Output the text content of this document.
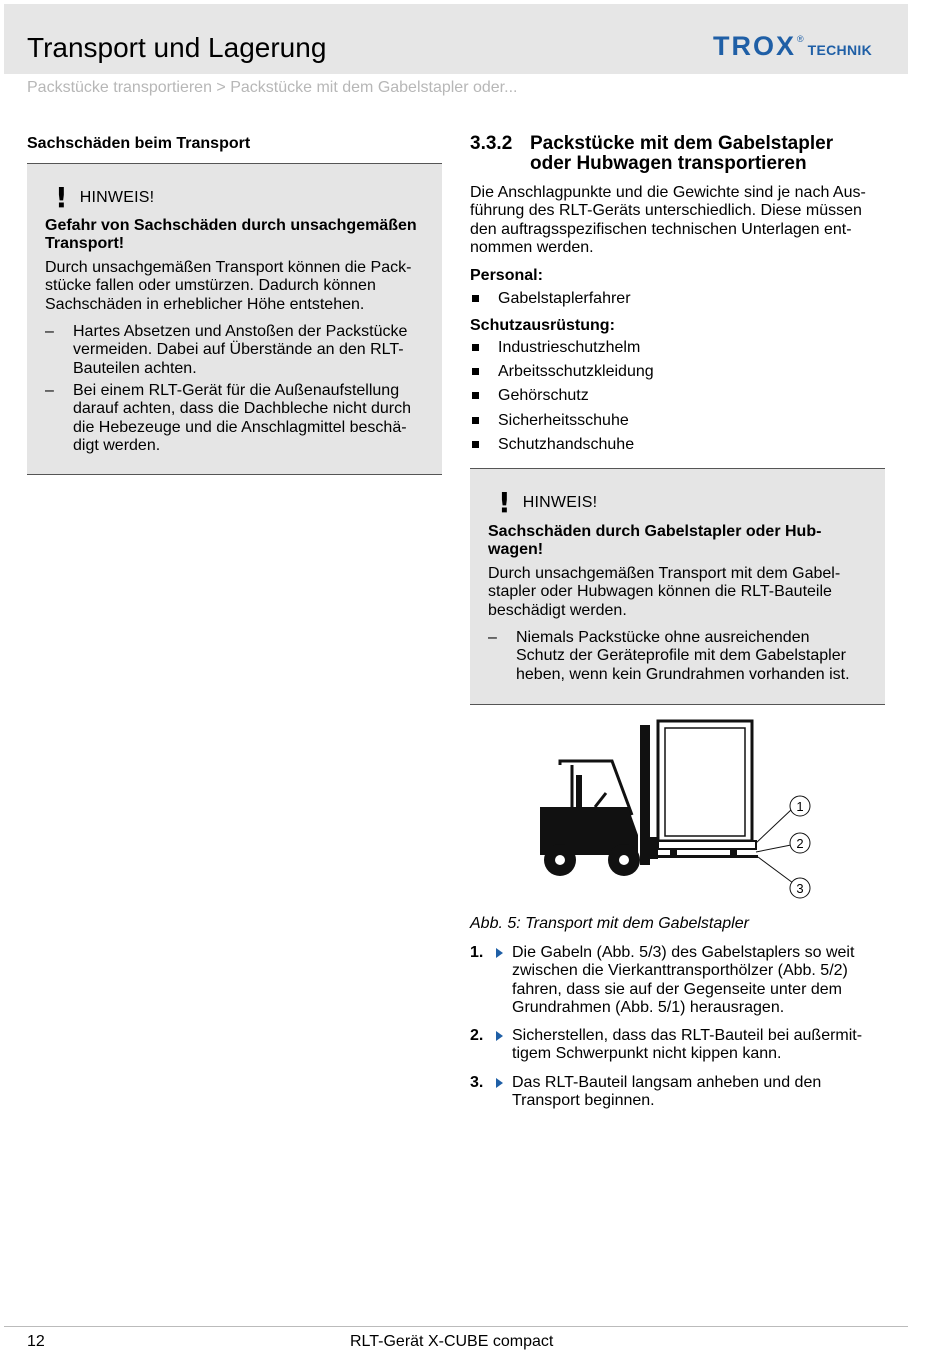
Transport und Lagerung	TROX ®
TECHNIK
Packstücke transportieren > Packstücke mit dem Gabelstapler oder...
Sachschäden beim Transport
! HINWEIS!
Gefahr von Sachschäden durch unsachgemäßen
Transport!
Durch unsachgemäßen Transport können die Pack-
stücke fallen oder umstürzen. Dadurch können
Sachschäden in erheblicher Höhe entstehen.
– Hartes Absetzen und Anstoßen der Packstücke
vermeiden. Dabei auf Überstände an den RLT-
Bauteilen achten.
– Bei einem RLT-Gerät für die Außenaufstellung
darauf achten, dass die Dachbleche nicht durch
die Hebezeuge und die Anschlagmittel beschä-
digt werden.
3.3.2 Packstücke mit dem Gabelstapler
oder Hubwagen transportieren
Die Anschlagpunkte und die Gewichte sind je nach Aus-
führung des RLT-Geräts unterschiedlich. Diese müssen
den auftragsspezifischen technischen Unterlagen ent-
nommen werden.
Personal:
Gabelstaplerfahrer
Schutzausrüstung:
Industrieschutzhelm
Arbeitsschutzkleidung
Gehörschutz
Sicherheitsschuhe
Schutzhandschuhe
! HINWEIS!
Sachschäden durch Gabelstapler oder Hub-
wagen!
Durch unsachgemäßen Transport mit dem Gabel-
stapler oder Hubwagen können die RLT-Bauteile
beschädigt werden.
– Niemals Packstücke ohne ausreichenden
Schutz der Geräteprofile mit dem Gabelstapler
heben, wenn kein Grundrahmen vorhanden ist.
1
2
3
Abb. 5: Transport mit dem Gabelstapler
1. Die Gabeln (Abb. 5/3) des Gabelstaplers so weit
zwischen die Vierkanttransporthölzer (Abb. 5/2)
fahren, dass sie auf der Gegenseite unter dem
Grundrahmen (Abb. 5/1) herausragen.
2. Sicherstellen, dass das RLT-Bauteil bei außermit-
tigem Schwerpunkt nicht kippen kann.
3. Das RLT-Bauteil langsam anheben und den
Transport beginnen.
12	RLT-Gerät X-CUBE compact
